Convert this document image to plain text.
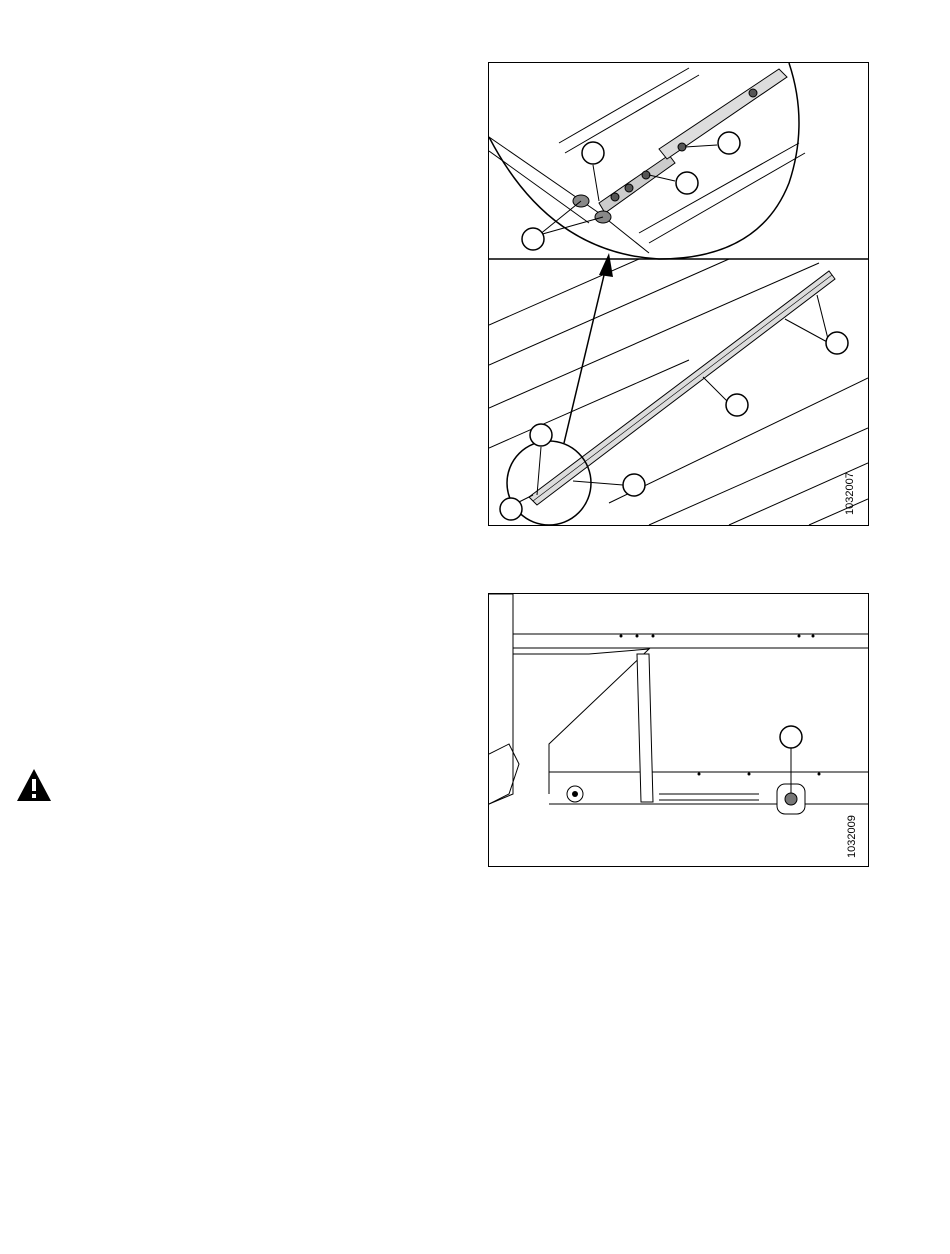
1032007
1032009
